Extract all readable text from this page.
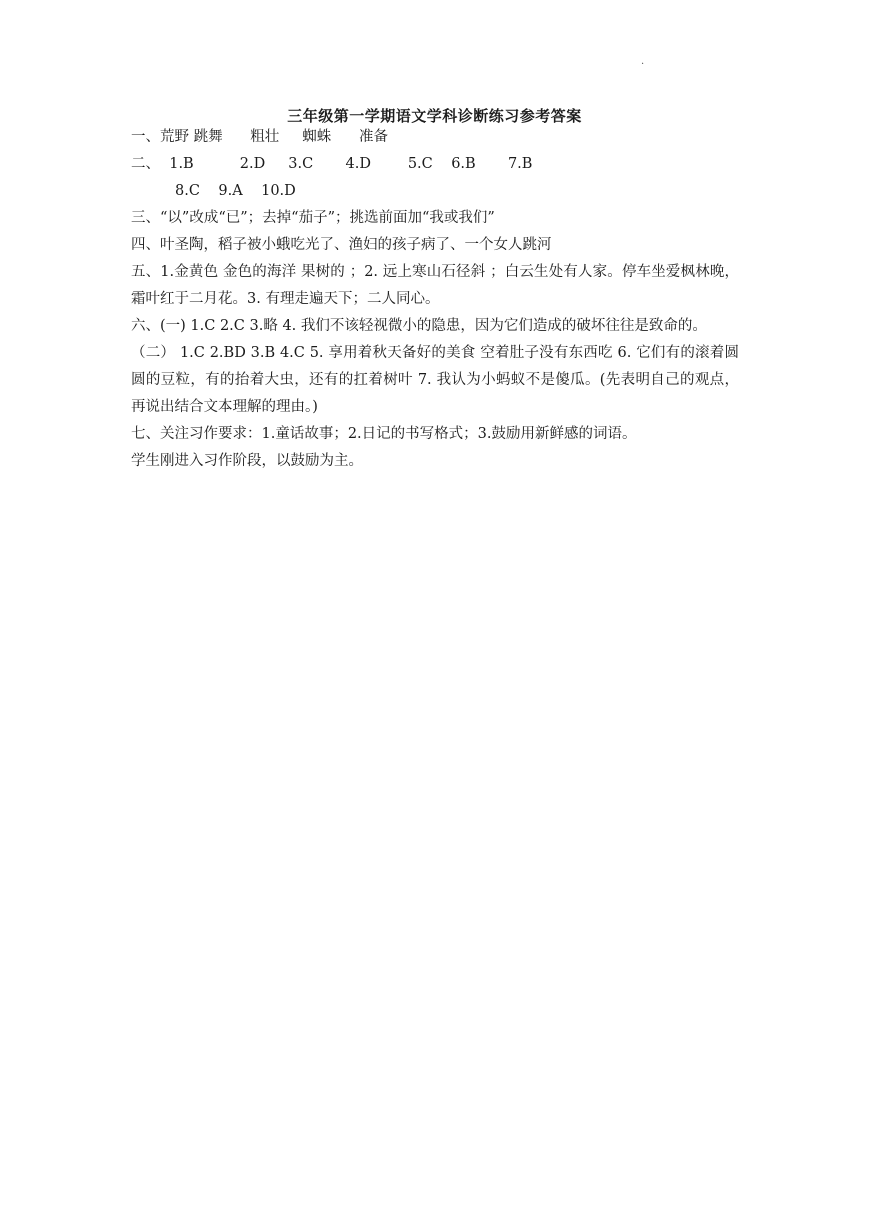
.
三年级第一学期语文学科诊断练习参考答案

一、荒野 跳舞      粗壮     蜘蛛      准备

二、  1.B          2.D     3.C       4.D        5.C    6.B       7.B

8.C    9.A    10.D

三、“以”改成“已”；去掉“茄子”；挑选前面加“我或我们”

四、叶圣陶，稻子被小蛾吃光了、渔妇的孩子病了、一个女人跳河

五、1.金黄色 金色的海洋 果树的 ；2. 远上寒山石径斜 ；白云生处有人家。停车坐爱枫林晚，霜叶红于二月花。3. 有理走遍天下；二人同心。

六、(一) 1.C 2.C 3.略 4. 我们不该轻视微小的隐患，因为它们造成的破坏往往是致命的。

（二） 1.C 2.BD 3.B 4.C 5. 享用着秋天备好的美食 空着肚子没有东西吃 6. 它们有的滚着圆圆的豆粒，有的抬着大虫，还有的扛着树叶 7. 我认为小蚂蚁不是傻瓜。(先表明自己的观点，再说出结合文本理解的理由。)

七、关注习作要求：1.童话故事；2.日记的书写格式；3.鼓励用新鲜感的词语。

学生刚进入习作阶段，以鼓励为主。
